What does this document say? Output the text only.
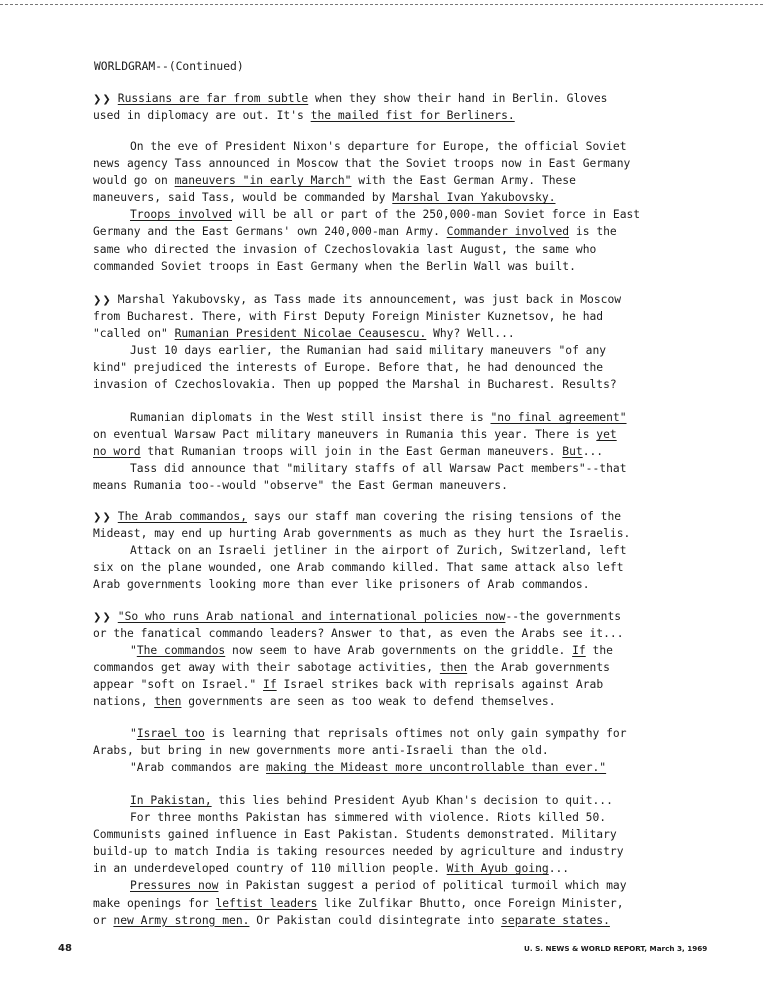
WORLDGRAM--(Continued)
❯❯ Russians are far from subtle when they show their hand in Berlin. Gloves
used in diplomacy are out. It's the mailed fist for Berliners.
On the eve of President Nixon's departure for Europe, the official Soviet
news agency Tass announced in Moscow that the Soviet troops now in East Germany
would go on maneuvers "in early March" with the East German Army. These
maneuvers, said Tass, would be commanded by Marshal Ivan Yakubovsky.
Troops involved will be all or part of the 250,000-man Soviet force in East
Germany and the East Germans' own 240,000-man Army. Commander involved is the
same who directed the invasion of Czechoslovakia last August, the same who
commanded Soviet troops in East Germany when the Berlin Wall was built.
❯❯ Marshal Yakubovsky, as Tass made its announcement, was just back in Moscow
from Bucharest. There, with First Deputy Foreign Minister Kuznetsov, he had
"called on" Rumanian President Nicolae Ceausescu. Why? Well...
Just 10 days earlier, the Rumanian had said military maneuvers "of any
kind" prejudiced the interests of Europe. Before that, he had denounced the
invasion of Czechoslovakia. Then up popped the Marshal in Bucharest. Results?
Rumanian diplomats in the West still insist there is "no final agreement"
on eventual Warsaw Pact military maneuvers in Rumania this year. There is yet
no word that Rumanian troops will join in the East German maneuvers. But...
Tass did announce that "military staffs of all Warsaw Pact members"--that
means Rumania too--would "observe" the East German maneuvers.
❯❯ The Arab commandos, says our staff man covering the rising tensions of the
Mideast, may end up hurting Arab governments as much as they hurt the Israelis.
Attack on an Israeli jetliner in the airport of Zurich, Switzerland, left
six on the plane wounded, one Arab commando killed. That same attack also left
Arab governments looking more than ever like prisoners of Arab commandos.
❯❯ "So who runs Arab national and international policies now--the governments
or the fanatical commando leaders? Answer to that, as even the Arabs see it...
"The commandos now seem to have Arab governments on the griddle. If the
commandos get away with their sabotage activities, then the Arab governments
appear "soft on Israel." If Israel strikes back with reprisals against Arab
nations, then governments are seen as too weak to defend themselves.
"Israel too is learning that reprisals oftimes not only gain sympathy for
Arabs, but bring in new governments more anti-Israeli than the old.
"Arab commandos are making the Mideast more uncontrollable than ever."
In Pakistan, this lies behind President Ayub Khan's decision to quit...
For three months Pakistan has simmered with violence. Riots killed 50.
Communists gained influence in East Pakistan. Students demonstrated. Military
build-up to match India is taking resources needed by agriculture and industry
in an underdeveloped country of 110 million people. With Ayub going...
Pressures now in Pakistan suggest a period of political turmoil which may
make openings for leftist leaders like Zulfikar Bhutto, once Foreign Minister,
or new Army strong men. Or Pakistan could disintegrate into separate states.
48	U. S. NEWS & WORLD REPORT, March 3, 1969
